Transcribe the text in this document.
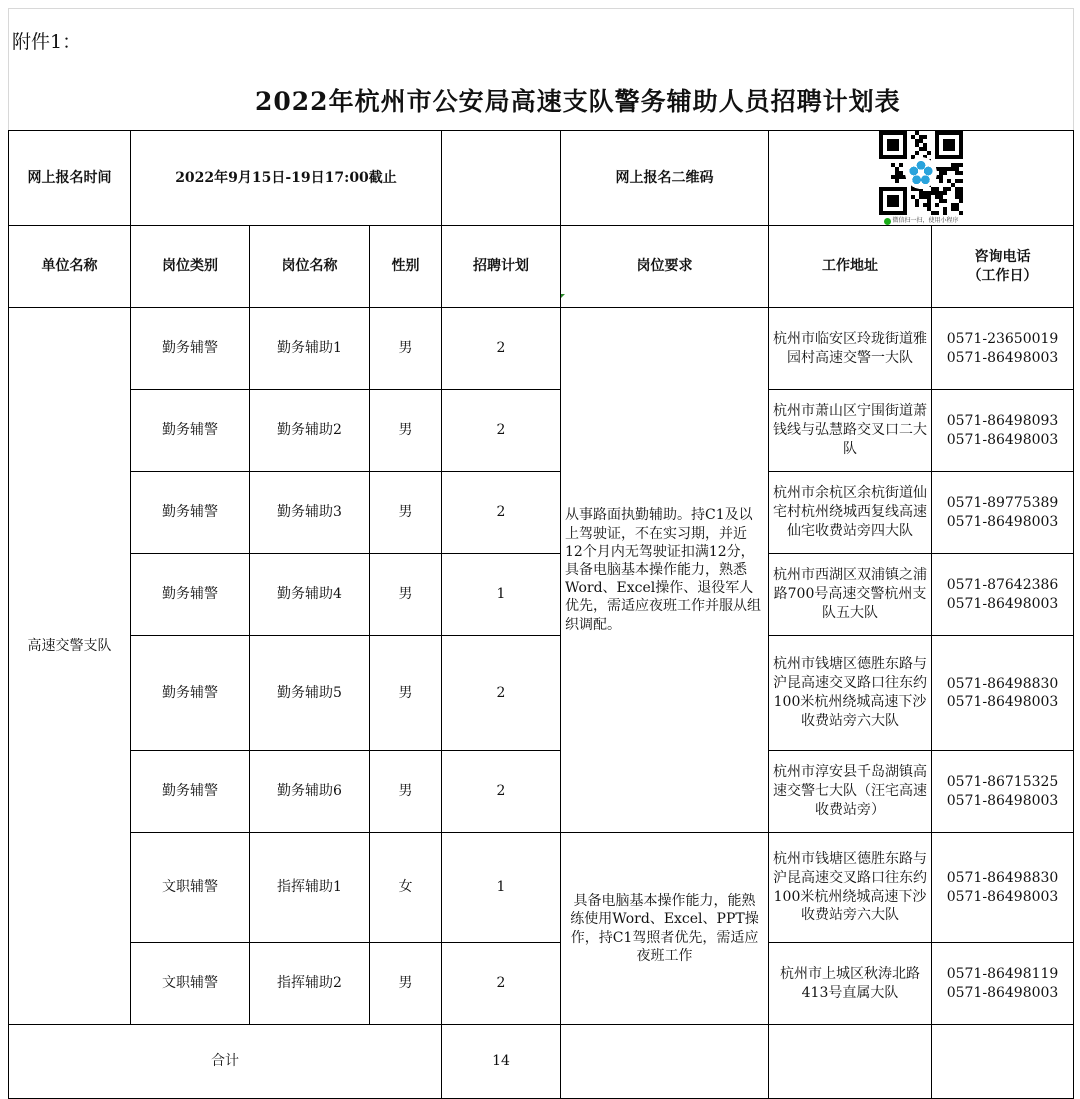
附件1：
2022年杭州市公安局高速支队警务辅助人员招聘计划表
网上报名时间	2022年9月15日-19日17:00截止				网上报名二维码	微信扫一扫，使用小程序	

单位名称	岗位类别	岗位名称	性别	招聘计划	岗位要求	工作地址	咨询电话
（工作日）

高速交警支队	勤务辅警	勤务辅助1	男	2	从事路面执勤辅助。持C1及以上驾驶证，不在实习期，并近12个月内无驾驶证扣满12分，具备电脑基本操作能力，熟悉Word、Excel操作、退役军人优先，需适应夜班工作并服从组织调配。	杭州市临安区玲珑街道雅园村高速交警一大队	0571-23650019
0571-86498003

	勤务辅警	勤务辅助2	男	2		杭州市萧山区宁围街道萧钱线与弘慧路交叉口二大队	0571-86498093
0571-86498003

	勤务辅警	勤务辅助3	男	2		杭州市余杭区余杭街道仙宅村杭州绕城西复线高速仙宅收费站旁四大队	0571-89775389
0571-86498003

	勤务辅警	勤务辅助4	男	1		杭州市西湖区双浦镇之浦路700号高速交警杭州支队五大队	0571-87642386
0571-86498003

	勤务辅警	勤务辅助5	男	2		杭州市钱塘区德胜东路与沪昆高速交叉路口往东约100米杭州绕城高速下沙收费站旁六大队	0571-86498830
0571-86498003

	勤务辅警	勤务辅助6	男	2		杭州市淳安县千岛湖镇高速交警七大队（汪宅高速收费站旁）	0571-86715325
0571-86498003

	文职辅警	指挥辅助1	女	1	具备电脑基本操作能力，能熟练使用Word、Excel、PPT操作，持C1驾照者优先，需适应夜班工作	杭州市钱塘区德胜东路与沪昆高速交叉路口往东约100米杭州绕城高速下沙收费站旁六大队	0571-86498830
0571-86498003

	文职辅警	指挥辅助2	男	2		杭州市上城区秋涛北路413号直属大队	0571-86498119
0571-86498003

合计				14			
